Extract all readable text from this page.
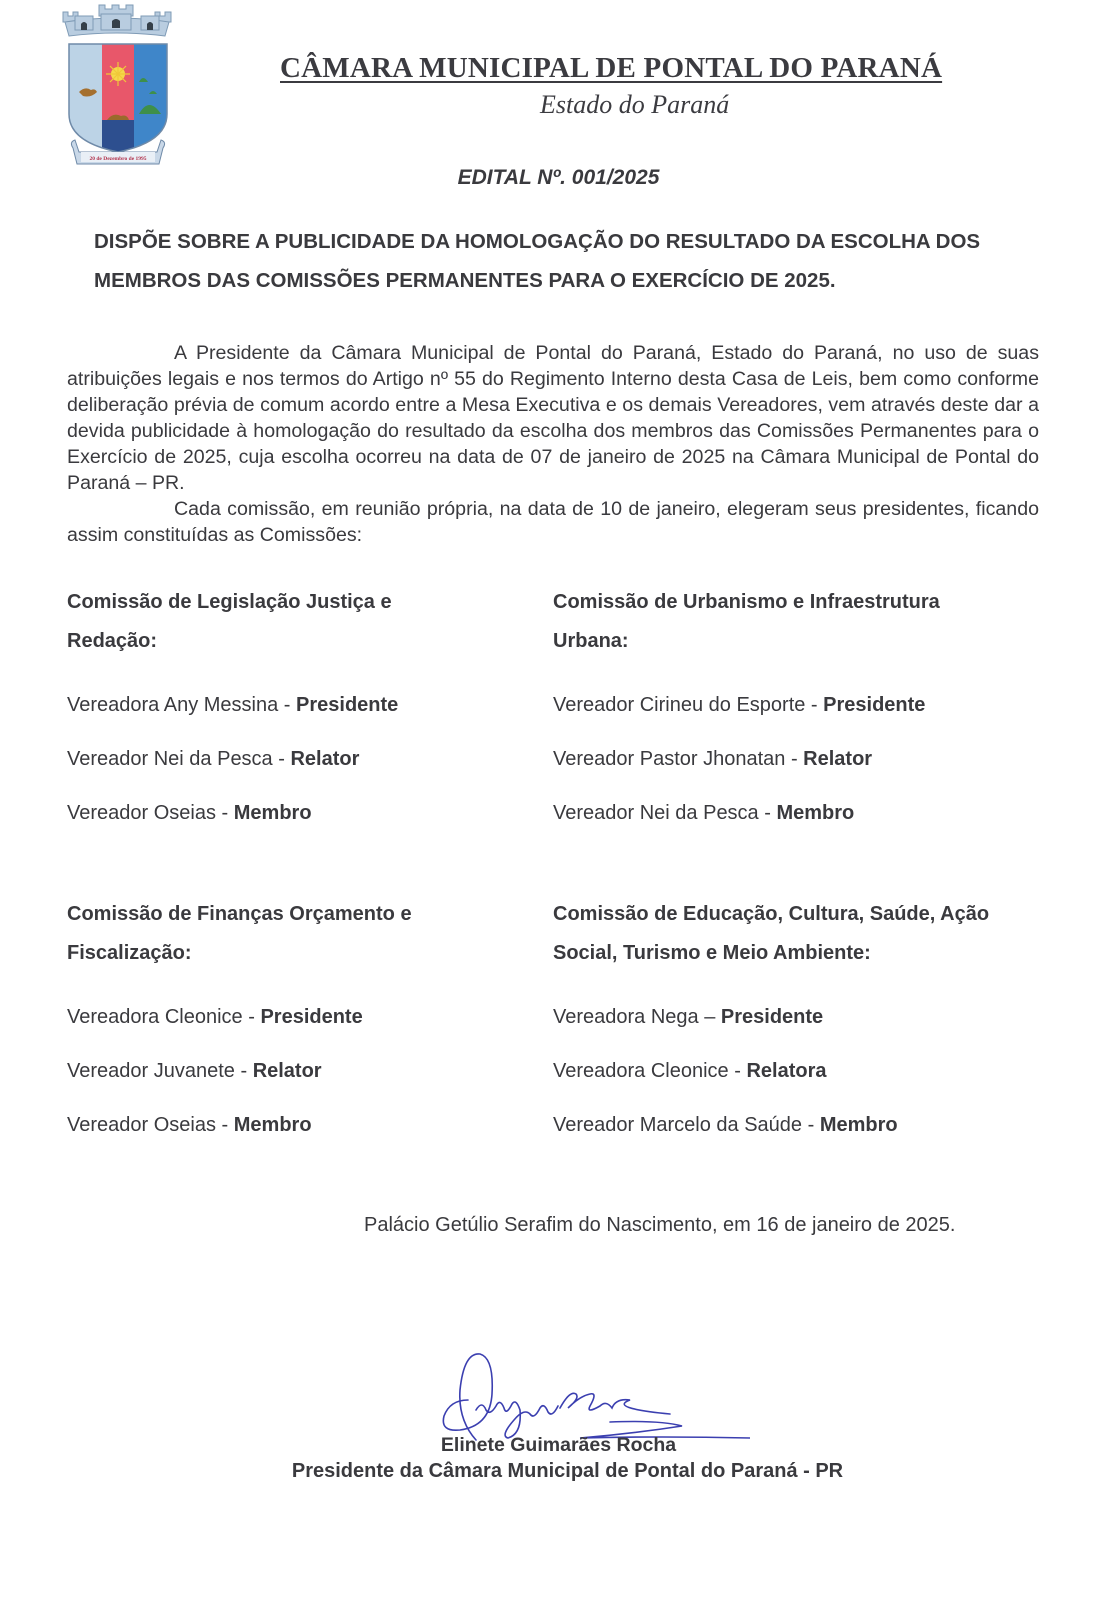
20 de Dezembro de 1995
CÂMARA MUNICIPAL DE PONTAL DO PARANÁ
Estado do Paraná
EDITAL Nº. 001/2025
DISPÕE SOBRE A PUBLICIDADE DA HOMOLOGAÇÃO DO RESULTADO DA ESCOLHA DOS MEMBROS DAS COMISSÕES PERMANENTES PARA O EXERCÍCIO DE 2025.

A Presidente da Câmara Municipal de Pontal do Paraná, Estado do Paraná, no uso de suas atribuições legais e nos termos do Artigo nº 55 do Regimento Interno desta Casa de Leis, bem como conforme deliberação prévia de comum acordo entre a Mesa Executiva e os demais Vereadores, vem através deste dar a devida publicidade à homologação do resultado da escolha dos membros das Comissões Permanentes para o Exercício de 2025, cuja escolha ocorreu na data de 07 de janeiro de 2025 na Câmara Municipal de Pontal do Paraná – PR.

Cada comissão, em reunião própria, na data de 10 de janeiro, elegeram seus presidentes, ficando assim constituídas as Comissões:

Comissão de Legislação Justiça e Redação:
Vereadora Any Messina - Presidente
Vereador Nei da Pesca - Relator
Vereador Oseias - Membro
Comissão de Urbanismo e Infraestrutura Urbana:
Vereador Cirineu do Esporte - Presidente
Vereador Pastor Jhonatan - Relator
Vereador Nei da Pesca - Membro
Comissão de Finanças Orçamento e Fiscalização:
Vereadora Cleonice - Presidente
Vereador Juvanete - Relator
Vereador Oseias - Membro
Comissão de Educação, Cultura, Saúde, Ação Social, Turismo e Meio Ambiente:
Vereadora Nega – Presidente
Vereadora Cleonice - Relatora
Vereador Marcelo da Saúde - Membro
Palácio Getúlio Serafim do Nascimento, em 16 de janeiro de 2025.
Elinete Guimarães Rocha
Presidente da Câmara Municipal de Pontal do Paraná - PR
